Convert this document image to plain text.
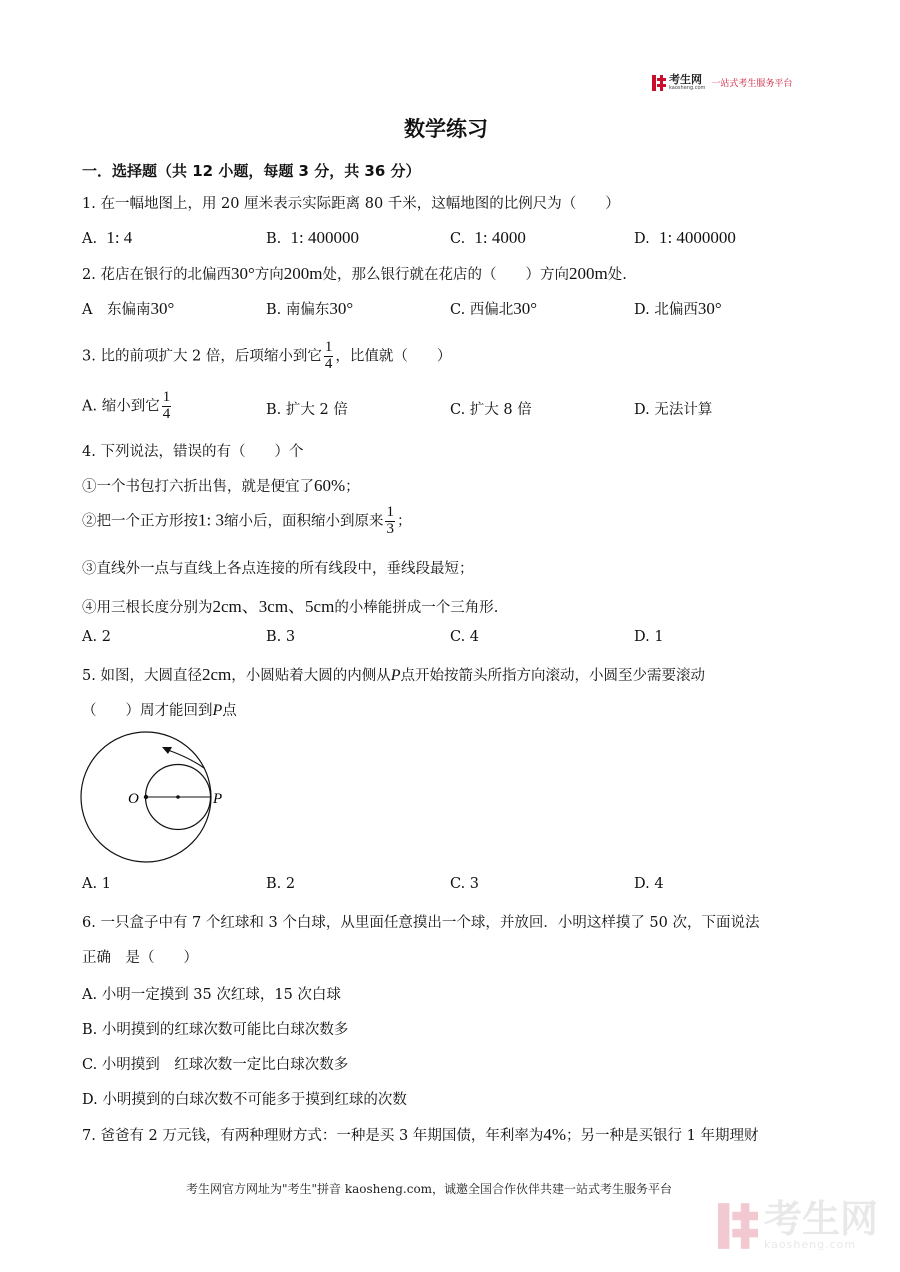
考生网
kaosheng.com 一站式考生服务平台
数学练习
一．选择题（共 12 小题，每题 3 分，共 36 分）
1. 在一幅地图上，用 20 厘米表示实际距离 80 千米，这幅地图的比例尺为（　　）
A. 1: 4	B. 1: 400000	C. 1: 4000	D. 1: 4000000
2. 花店在银行的北偏西30°方向200m处，那么银行就在花店的（　　）方向200m处.
A　东偏南30°	B. 南偏东30°	C. 西偏北30°	D. 北偏西30°
3. 比的前项扩大 2 倍，后项缩小到它 $\frac{1}{4}$ ，比值就（　　）
A. 缩小到它 $\frac{1}{4}$	B. 扩大 2 倍	C. 扩大 8 倍	D. 无法计算
4. 下列说法，错误的有（　　）个
①一个书包打六折出售，就是便宜了60%；
②把一个正方形按1: 3缩小后，面积缩小到原来 $\frac{1}{3}$ ；
③直线外一点与直线上各点连接的所有线段中，垂线段最短；
④用三根长度分别为2cm、3cm、5cm的小棒能拼成一个三角形.
A. 2	B. 3	C. 4	D. 1
5. 如图，大圆直径2cm，小圆贴着大圆的内侧从P点开始按箭头所指方向滚动，小圆至少需要滚动
（　　）周才能回到P点
O	P
A. 1	B. 2	C. 3	D. 4
6. 一只盒子中有 7 个红球和 3 个白球，从里面任意摸出一个球，并放回．小明这样摸了 50 次，下面说法
正确　是（　　）
A. 小明一定摸到 35 次红球，15 次白球
B. 小明摸到的红球次数可能比白球次数多
C. 小明摸到　红球次数一定比白球次数多
D. 小明摸到的白球次数不可能多于摸到红球的次数
7. 爸爸有 2 万元钱，有两种理财方式：一种是买 3 年期国债，年利率为4%；另一种是买银行 1 年期理财
考生网官方网址为"考生"拼音 kaosheng.com，诚邀全国合作伙伴共建一站式考生服务平台
考生网
kaosheng.com
